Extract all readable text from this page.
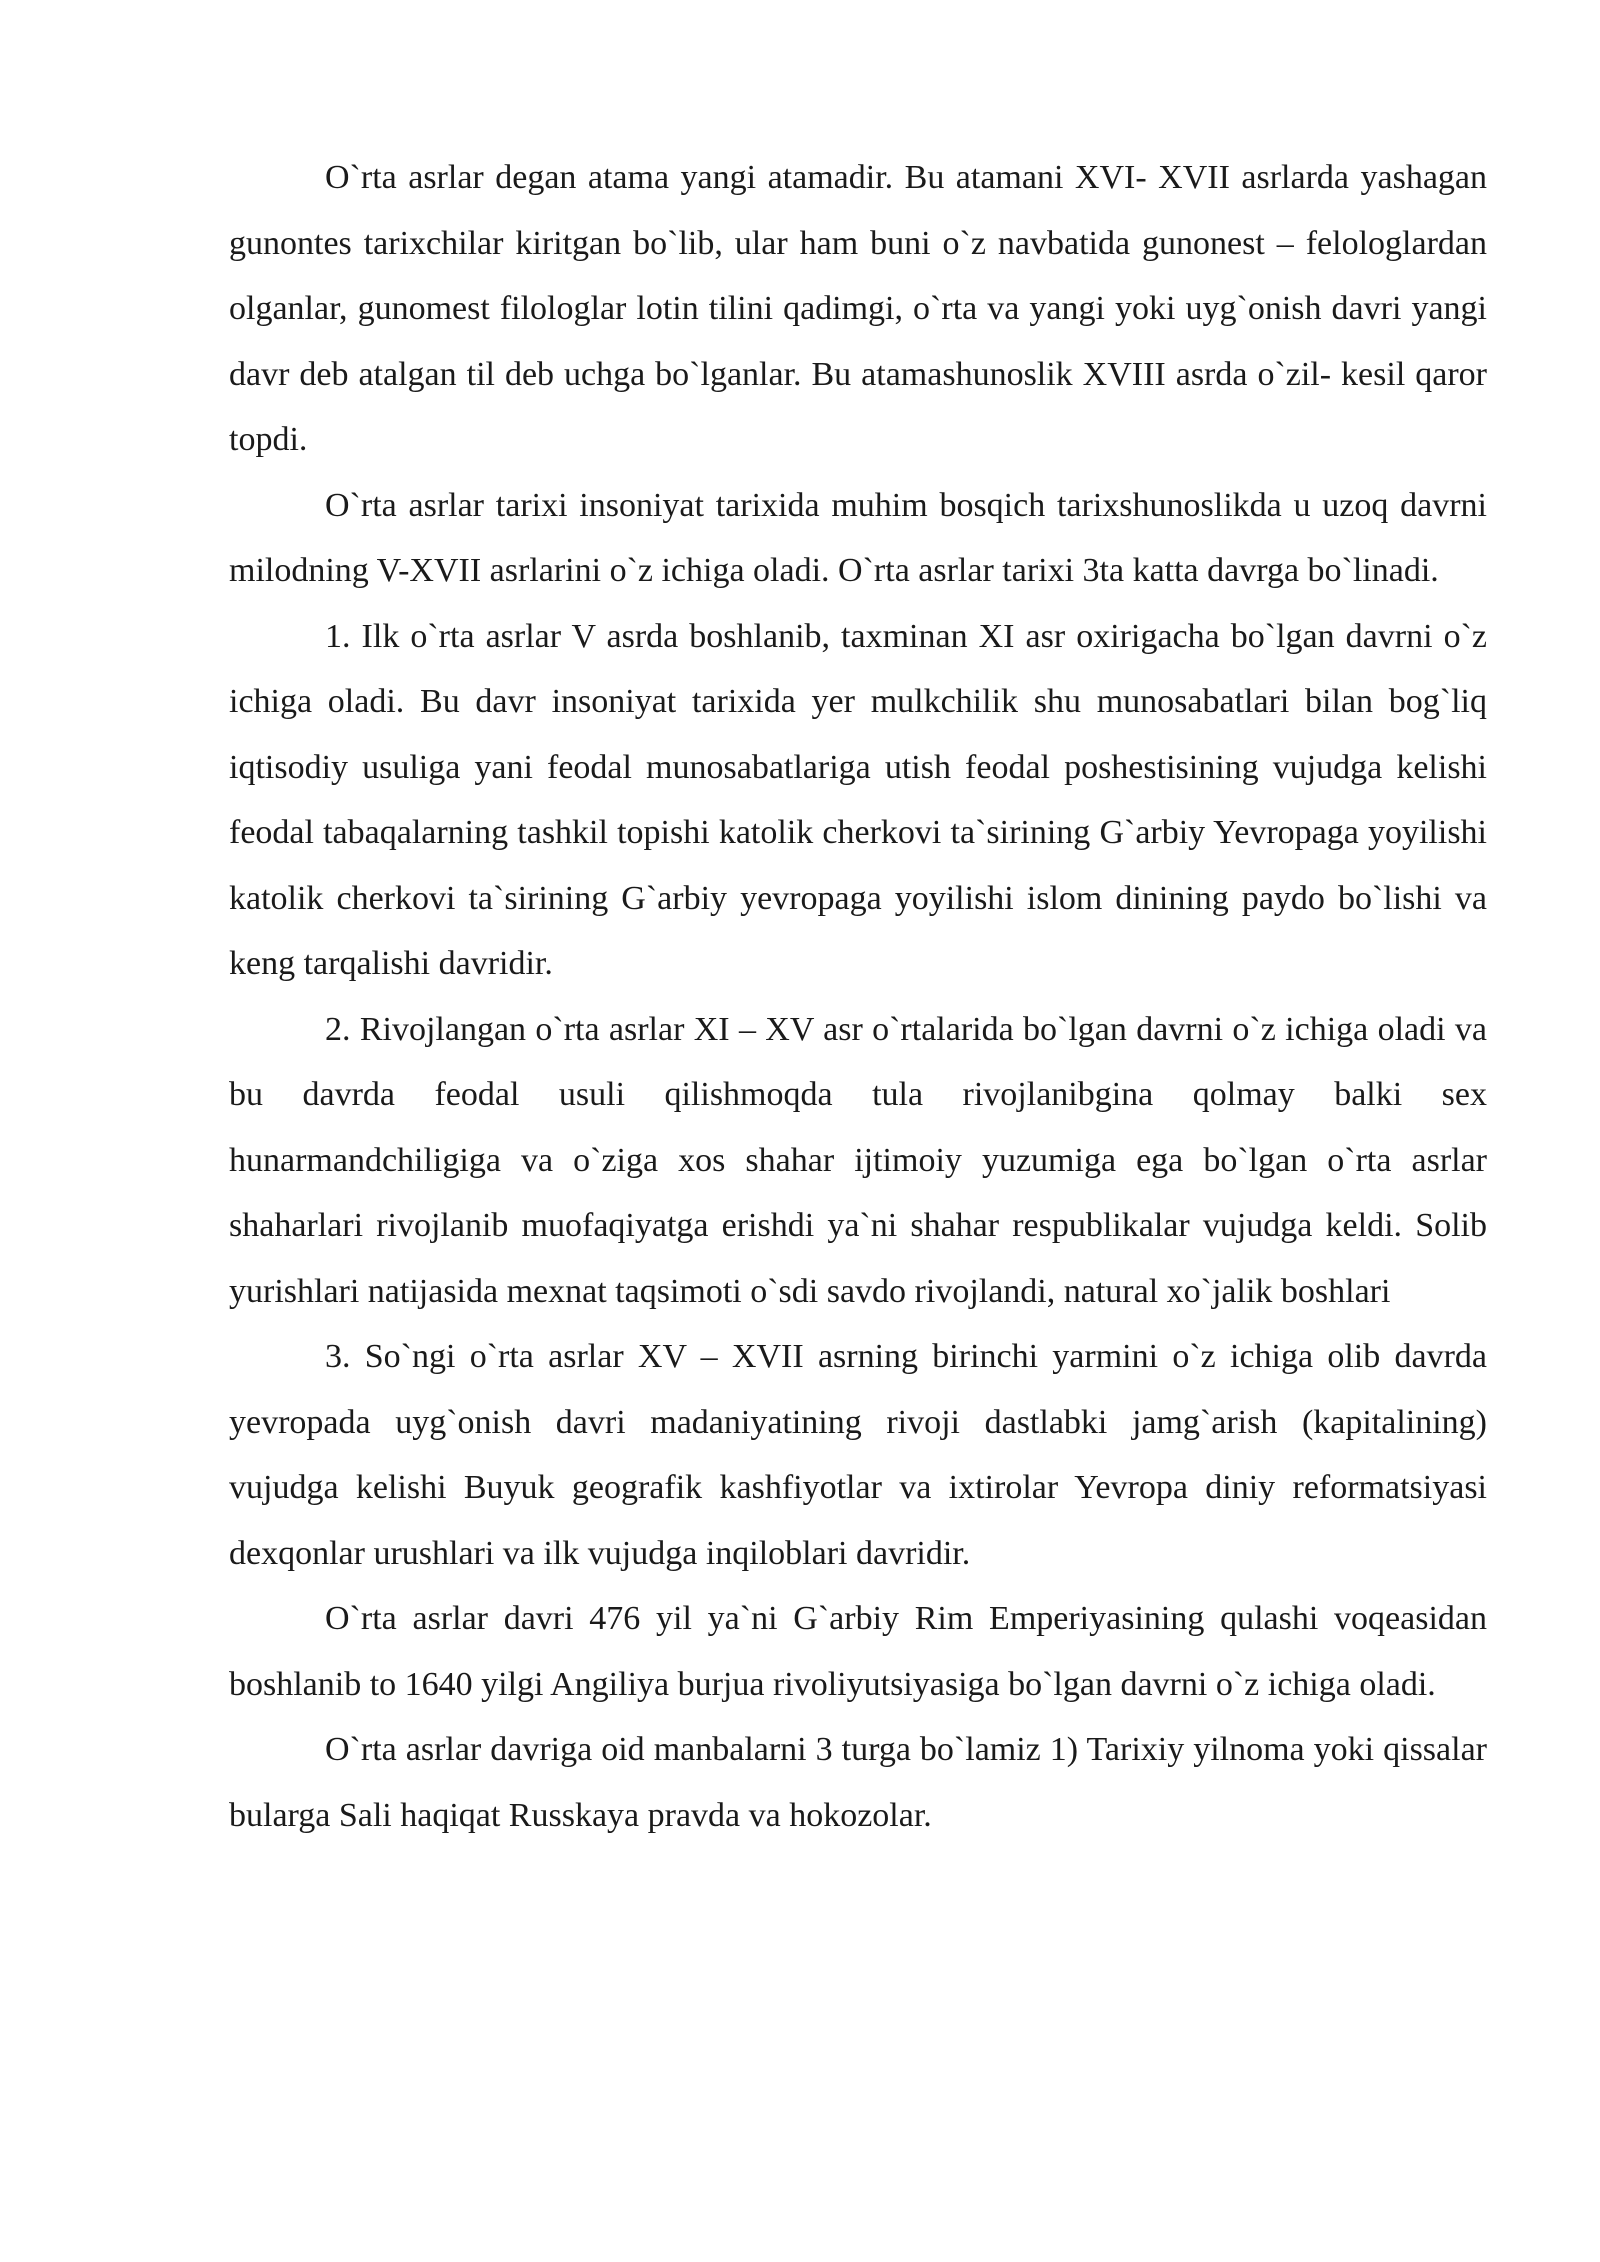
O`rta asrlar degan atama yangi atamadir. Bu atamani XVI- XVII asrlarda yashagan gunontes tarixchilar kiritgan bo`lib, ular ham buni o`z navbatida gunonest – felologlardan olganlar, gunomest filologlar lotin tilini qadimgi, o`rta va yangi yoki uyg`onish davri yangi davr deb atalgan til deb uchga bo`lganlar. Bu atamashunoslik XVIII asrda o`zil- kesil qaror topdi.

O`rta asrlar tarixi insoniyat tarixida muhim bosqich tarixshunoslikda u uzoq davrni milodning V-XVII asrlarini o`z ichiga oladi. O`rta asrlar tarixi 3ta katta davrga bo`linadi.

1. Ilk o`rta asrlar V asrda boshlanib, taxminan XI asr oxirigacha bo`lgan davrni o`z ichiga oladi. Bu davr insoniyat tarixida yer mulkchilik shu munosabatlari bilan bog`liq iqtisodiy usuliga yani feodal munosabatlariga utish feodal poshestisining vujudga kelishi feodal tabaqalarning tashkil topishi katolik cherkovi ta`sirining G`arbiy Yevropaga yoyilishi katolik cherkovi ta`sirining G`arbiy yevropaga yoyilishi islom dinining paydo bo`lishi va keng tarqalishi davridir.

2. Rivojlangan o`rta asrlar XI – XV asr o`rtalarida bo`lgan davrni o`z ichiga oladi va bu davrda feodal usuli qilishmoqda tula rivojlanibgina qolmay balki sex hunarmandchiligiga va o`ziga xos shahar ijtimoiy yuzumiga ega bo`lgan o`rta asrlar shaharlari rivojlanib muofaqiyatga erishdi ya`ni shahar respublikalar vujudga keldi. Solib yurishlari natijasida mexnat taqsimoti o`sdi savdo rivojlandi, natural xo`jalik boshlari

3. So`ngi o`rta asrlar XV – XVII asrning birinchi yarmini o`z ichiga olib davrda yevropada uyg`onish davri madaniyatining rivoji dastlabki jamg`arish (kapitalining) vujudga kelishi Buyuk geografik kashfiyotlar va ixtirolar Yevropa diniy reformatsiyasi dexqonlar urushlari va ilk vujudga inqiloblari davridir.

O`rta asrlar davri 476 yil ya`ni G`arbiy Rim Emperiyasining qulashi voqeasidan boshlanib to 1640 yilgi Angiliya burjua rivoliyutsiyasiga bo`lgan davrni o`z ichiga oladi.

O`rta asrlar davriga oid manbalarni 3 turga bo`lamiz 1) Tarixiy yilnoma yoki qissalar bularga Sali haqiqat Russkaya pravda va hokozolar.
